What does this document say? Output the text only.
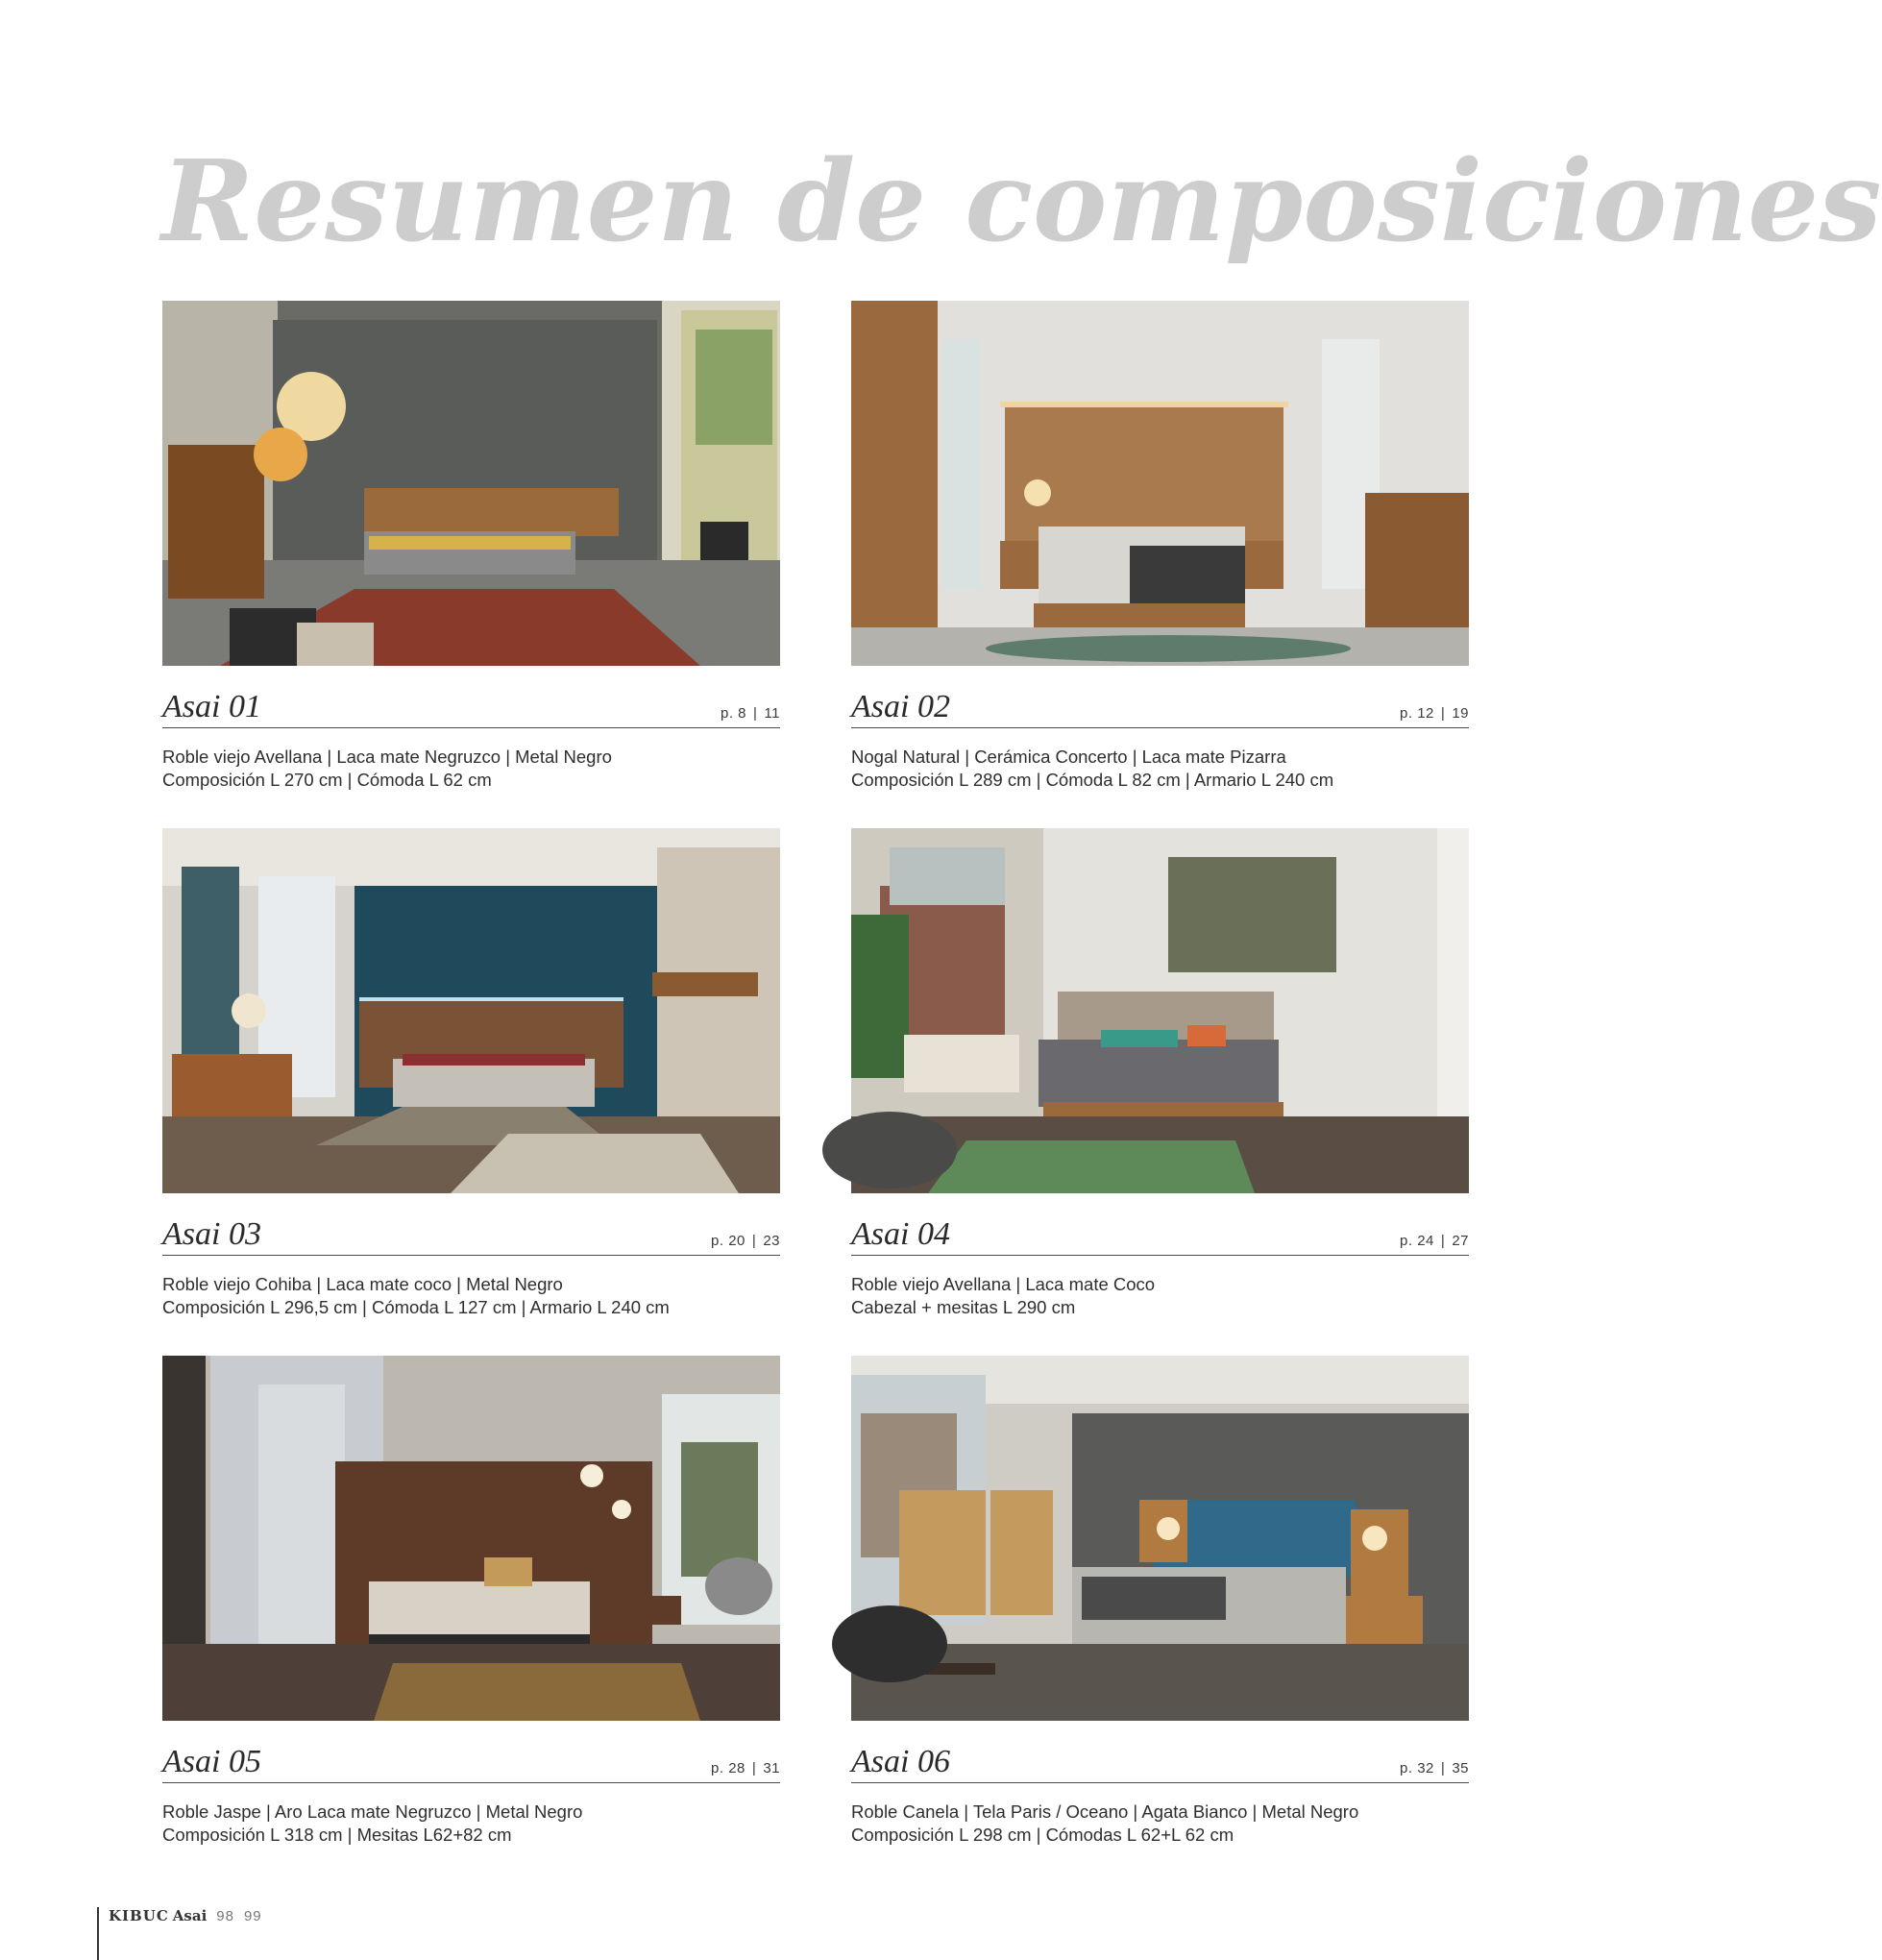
Resumen de composiciones
Asai 01	p. 8 | 11
Roble viejo Avellana | Laca mate Negruzco | Metal Negro
Composición L 270 cm | Cómoda L 62 cm
Asai 02	p. 12 | 19
Nogal Natural | Cerámica Concerto | Laca mate Pizarra
Composición L 289 cm | Cómoda L 82 cm | Armario L 240 cm
Asai 03	p. 20 | 23
Roble viejo Cohiba | Laca mate coco | Metal Negro
Composición L 296,5 cm | Cómoda L 127 cm | Armario L 240 cm
Asai 04	p. 24 | 27
Roble viejo Avellana | Laca mate Coco
Cabezal + mesitas L 290 cm
Asai 05	p. 28 | 31
Roble Jaspe | Aro Laca mate Negruzco | Metal Negro
Composición L 318 cm | Mesitas L62+82 cm
Asai 06	p. 32 | 35
Roble Canela | Tela Paris / Oceano | Agata Bianco | Metal Negro
Composición L 298 cm | Cómodas L 62+L 62 cm
KIBUC Asai 98 99
